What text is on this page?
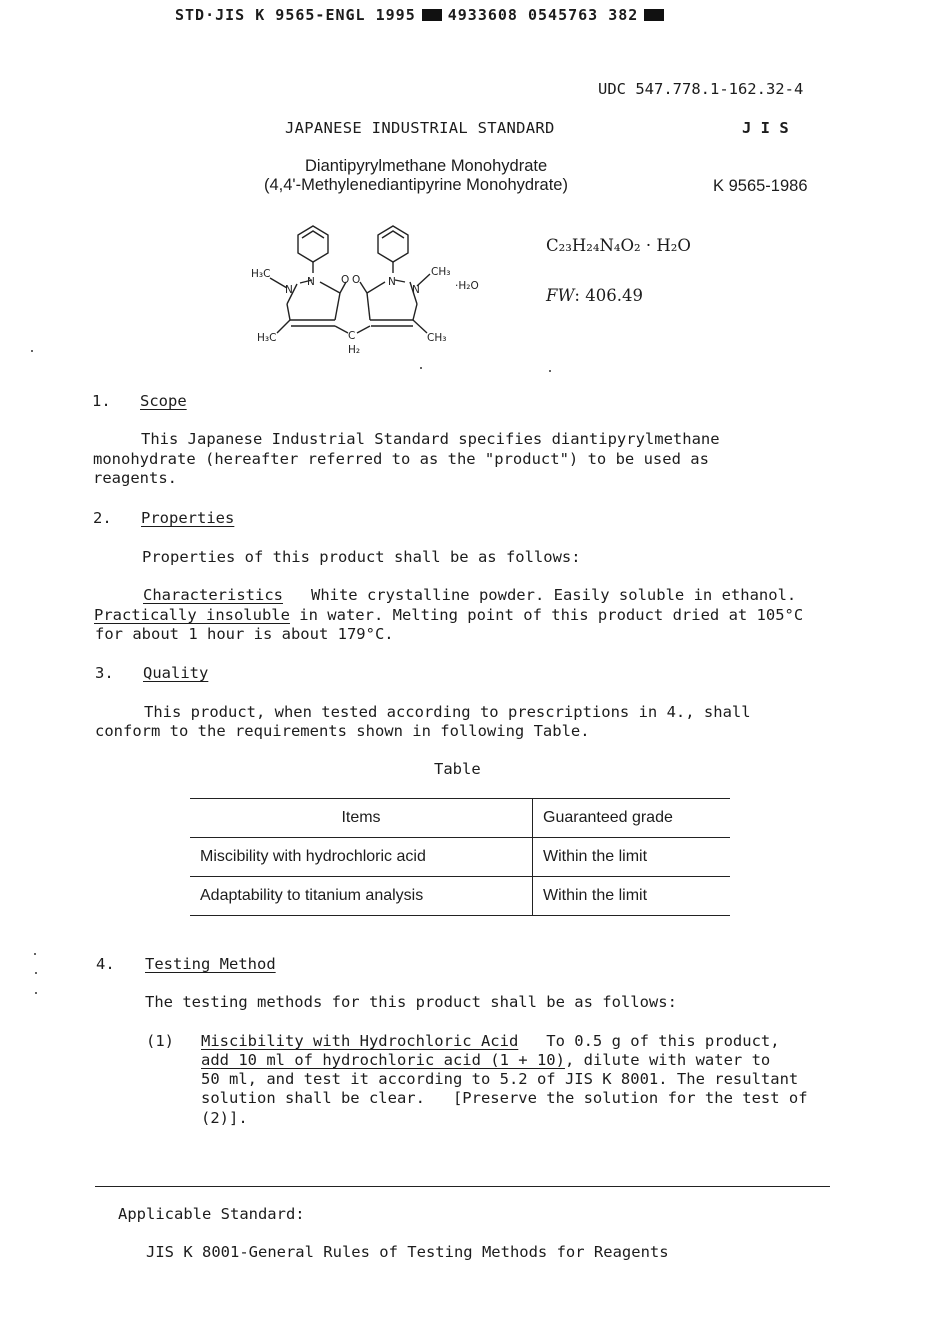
STD·JIS K 9565-ENGL 1995 4933608 0545763 382
UDC 547.778.1-162.32-4
JAPANESE INDUSTRIAL STANDARD	J I S
Diantipyrylmethane Monohydrate
(4,4'-Methylenediantipyrine Monohydrate)	K 9565-1986
H₃C
N
N O O	N
N
CH₃
·H₂O
H₃C	C
H₂
CH₃
C₂₃H₂₄N₄O₂ · H₂O
FW: 406.49
1. Scope
This Japanese Industrial Standard specifies diantipyrylmethane
monohydrate (hereafter referred to as the "product") to be used as
reagents.
2. Properties
Properties of this product shall be as follows:
Characteristics White crystalline powder. Easily soluble in ethanol.
Practically insoluble in water. Melting point of this product dried at 105°C
for about 1 hour is about 179°C.
3. Quality
This product, when tested according to prescriptions in 4., shall
conform to the requirements shown in following Table.
Table
Items	Guaranteed grade
Miscibility with hydrochloric acid	Within the limit
Adaptability to titanium analysis	Within the limit
4. Testing Method
The testing methods for this product shall be as follows:
(1) Miscibility with Hydrochloric Acid   To 0.5 g of this product,
add 10 ml of hydrochloric acid (1 + 10), dilute with water to
50 ml, and test it according to 5.2 of JIS K 8001. The resultant
solution shall be clear.   [Preserve the solution for the test of
(2)].
Applicable Standard:
JIS K 8001-General Rules of Testing Methods for Reagents
